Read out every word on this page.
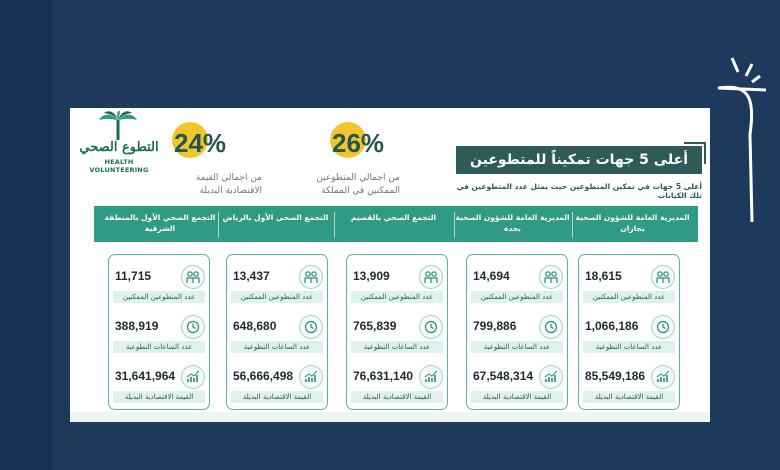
التطوع الصحي
HEALTH VOLUNTEERING
24%
من اجمالي القيمة الاقتصادية البديلة
26%
من اجمالي المتطوعين الممكنين في المملكة
أعلى 5 جهات تمكيناً للمتطوعين
أعلى 5 جهات في تمكين المتطوعين حيث يمثل عدد المتطوعين في تلك الكيانات
التجمع الصحي الأول بالمنطقة الشرقية
التجمع الصحي الأول بالرياض	التجمع الصحي بالقصيم	المديرية العامة للشؤون الصحية بجدة
المديرية العامة للشؤون الصحية بجازان
11,715
عدد المتطوعين الممكنين
388,919
عدد الساعات التطوعية
31,641,964
القيمة الاقتصادية البديلة
13,437
عدد المتطوعين الممكنين
648,680
عدد الساعات التطوعية
56,666,498
القيمة الاقتصادية البديلة
13,909
عدد المتطوعين الممكنين
765,839
عدد الساعات التطوعية
76,631,140
القيمة الاقتصادية البديلة
14,694
عدد المتطوعين الممكنين
799,886
عدد الساعات التطوعية
67,548,314
القيمة الاقتصادية البديلة
18,615
عدد المتطوعين الممكنين
1,066,186
عدد الساعات التطوعية
85,549,186
القيمة الاقتصادية البديلة
